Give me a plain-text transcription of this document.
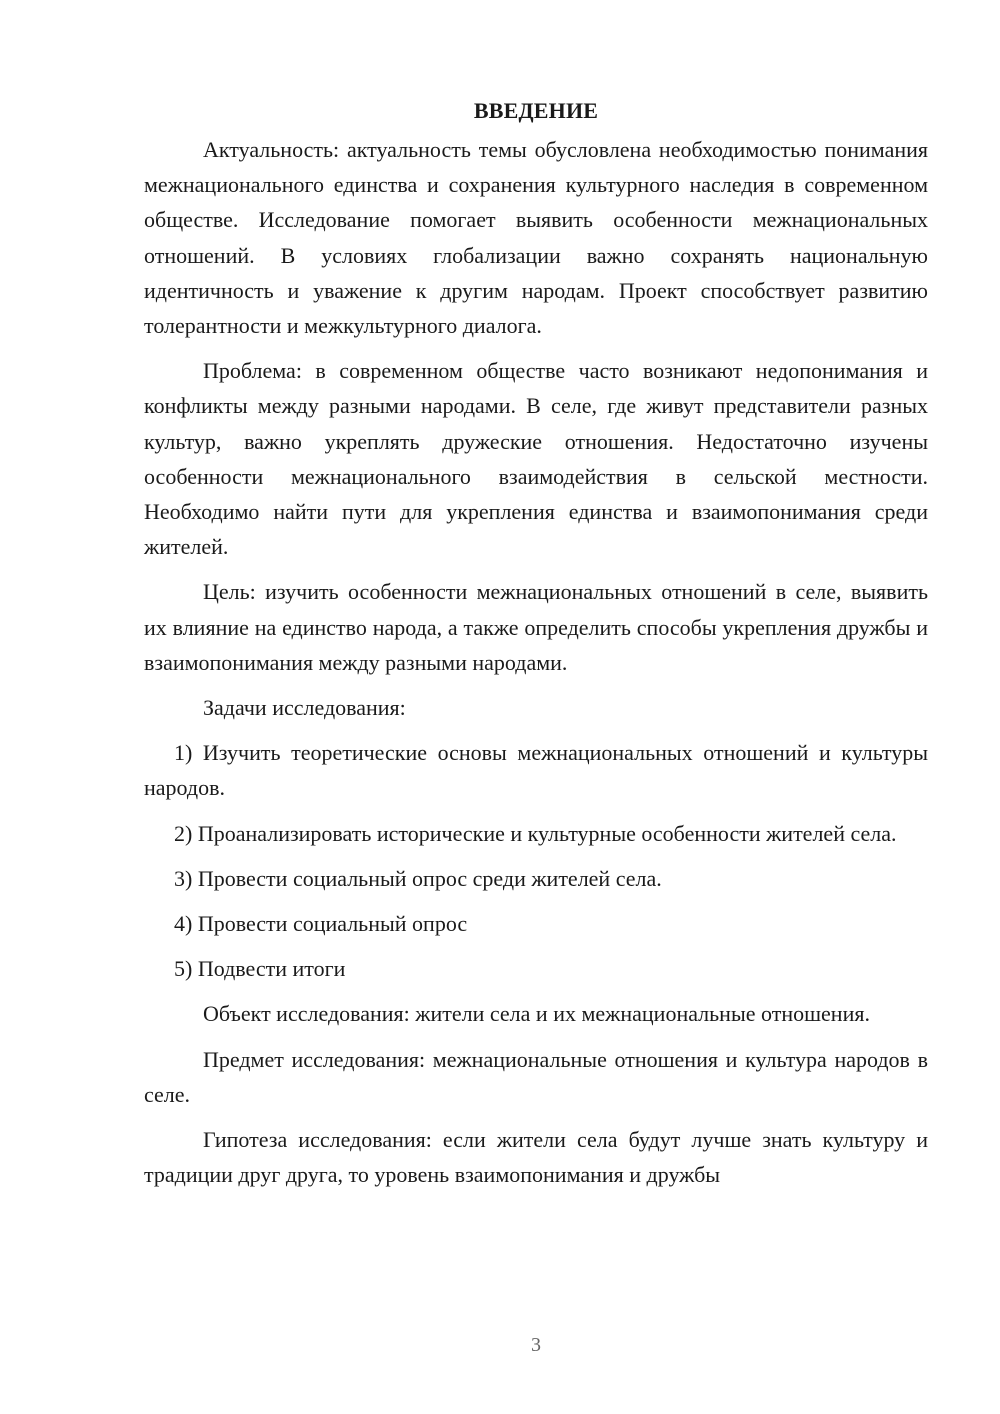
ВВЕДЕНИЕ

Актуальность: актуальность темы обусловлена необходимостью понимания межнационального единства и сохранения культурного наследия в современном обществе. Исследование помогает выявить особенности межнациональных отношений. В условиях глобализации важно сохранять национальную идентичность и уважение к другим народам. Проект способствует развитию толерантности и межкультурного диалога.

Проблема: в современном обществе часто возникают недопонимания и конфликты между разными народами. В селе, где живут представители разных культур, важно укреплять дружеские отношения. Недостаточно изучены особенности межнационального взаимодействия в сельской местности. Необходимо найти пути для укрепления единства и взаимопонимания среди жителей.

Цель: изучить особенности межнациональных отношений в селе, выявить их влияние на единство народа, а также определить способы укрепления дружбы и взаимопонимания между разными народами.

Задачи исследования:

1) Изучить теоретические основы межнациональных отношений и культуры народов.

2) Проанализировать исторические и культурные особенности жителей села.

3) Провести социальный опрос среди жителей села.

4) Провести социальный опрос

5) Подвести итоги

Объект исследования: жители села и их межнациональные отношения.

Предмет исследования: межнациональные отношения и культура народов в селе.

Гипотеза исследования: если жители села будут лучше знать культуру и традиции друг друга, то уровень взаимопонимания и дружбы

3
